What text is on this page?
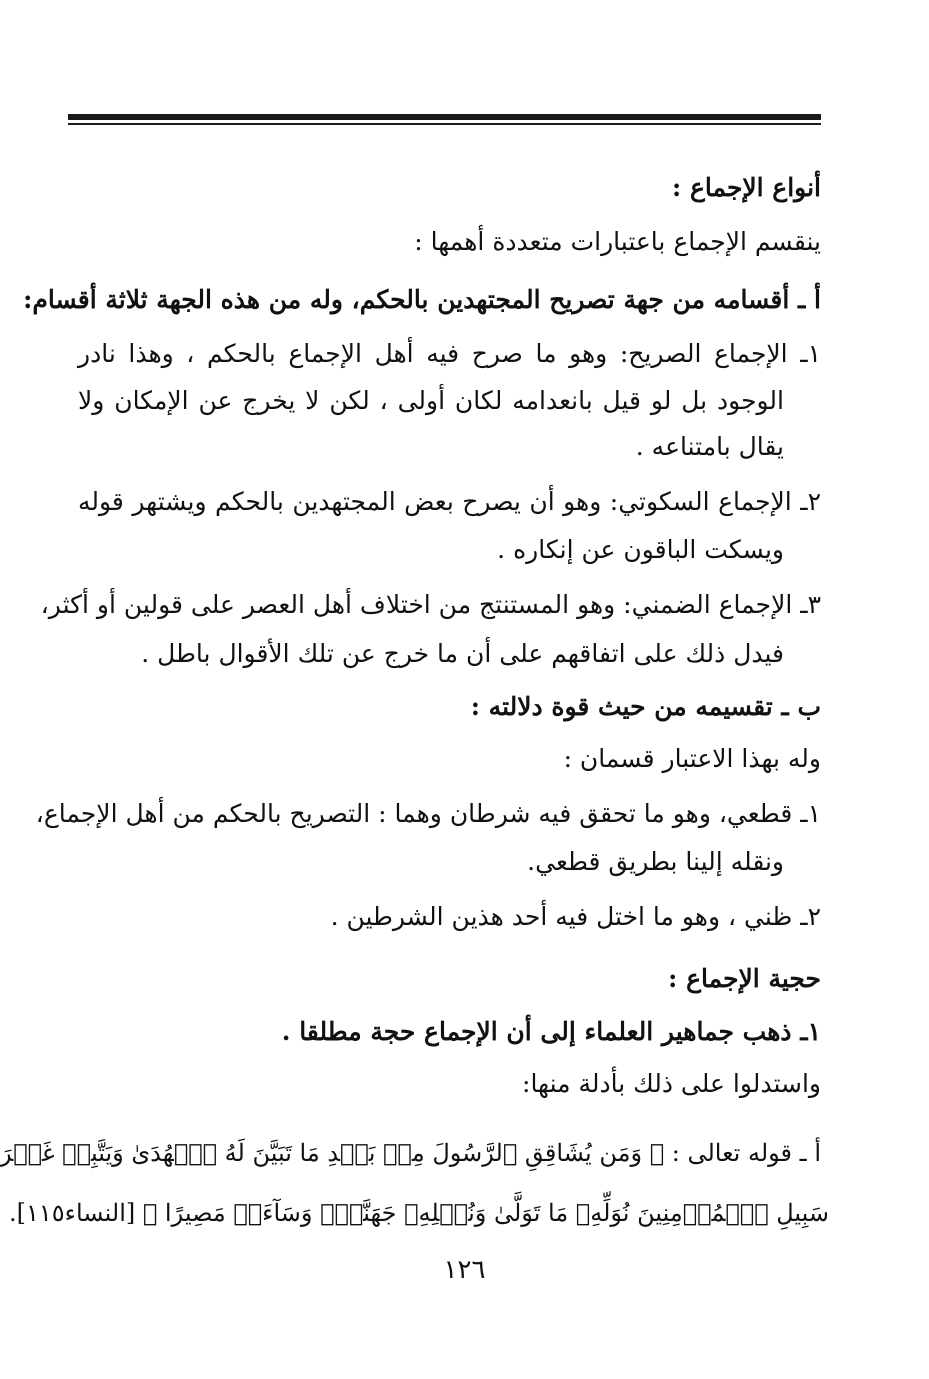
أنواع الإجماع :
ينقسم الإجماع باعتبارات متعددة أهمها :
أ ـ أقسامه من جهة تصريح المجتهدين بالحكم، وله من هذه الجهة ثلاثة أقسام:
١ـ الإجماع الصريح: وهو ما صرح فيه أهل الإجماع بالحكم ، وهذا نادر
الوجود بل لو قيل بانعدامه لكان أولى ، لكن لا يخرج عن الإمكان ولا
يقال بامتناعه .
٢ـ الإجماع السكوتي: وهو أن يصرح بعض المجتهدين بالحكم ويشتهر قوله
ويسكت الباقون عن إنكاره .
٣ـ الإجماع الضمني: وهو المستنتج من اختلاف أهل العصر على قولين أو أكثر،
فيدل ذلك على اتفاقهم على أن ما خرج عن تلك الأقوال باطل .
ب ـ تقسيمه من حيث قوة دلالته :
وله بهذا الاعتبار قسمان :
١ـ قطعي، وهو ما تحقق فيه شرطان وهما : التصريح بالحكم من أهل الإجماع،
ونقله إلينا بطريق قطعي.
٢ـ ظني ، وهو ما اختل فيه أحد هذين الشرطين .
حجية الإجماع :
١ـ ذهب جماهير العلماء إلى أن الإجماع حجة مطلقا .
واستدلوا على ذلك بأدلة منها:
أ ـ قوله تعالى : ﴿ وَمَن يُشَاقِقِ ٱلرَّسُولَ مِنۢ بَعۡدِ مَا تَبَيَّنَ لَهُ ٱلۡهُدَىٰ وَيَتَّبِعۡ غَيۡرَ
سَبِيلِ ٱلۡمُؤۡمِنِينَ نُوَلِّهِۦ مَا تَوَلَّىٰ وَنُصۡلِهِۦ جَهَنَّمَۖ وَسَآءَتۡ مَصِيرًا ﴾ [النساء١١٥].
١٢٦
